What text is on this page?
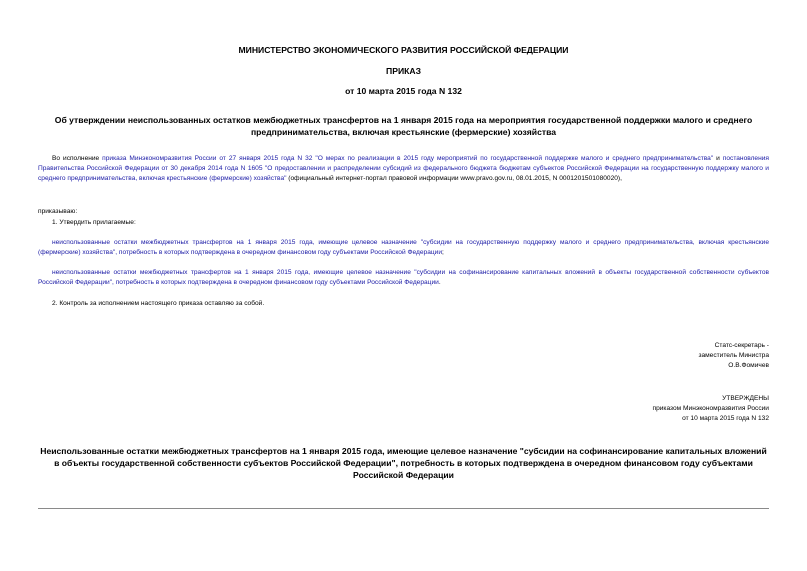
МИНИСТЕРСТВО ЭКОНОМИЧЕСКОГО РАЗВИТИЯ РОССИЙСКОЙ ФЕДЕРАЦИИ
ПРИКАЗ
от 10 марта 2015 года N 132
Об утверждении неиспользованных остатков межбюджетных трансфертов на 1 января 2015 года на мероприятия государственной поддержки малого и среднего предпринимательства, включая крестьянские (фермерские) хозяйства
Во исполнение приказа Минэкономразвития России от 27 января 2015 года N 32 "О мерах по реализации в 2015 году мероприятий по государственной поддержке малого и среднего предпринимательства" и постановления Правительства Российской Федерации от 30 декабря 2014 года N 1605 "О предоставлении и распределении субсидий из федерального бюджета бюджетам субъектов Российской Федерации на государственную поддержку малого и среднего предпринимательства, включая крестьянские (фермерские) хозяйства" (официальный интернет-портал правовой информации www.pravo.gov.ru, 08.01.2015, N 0001201501080020),
приказываю:
1. Утвердить прилагаемые:
неиспользованные остатки межбюджетных трансфертов на 1 января 2015 года, имеющие целевое назначение "субсидии на государственную поддержку малого и среднего предпринимательства, включая крестьянские (фермерские) хозяйства", потребность в которых подтверждена в очередном финансовом году субъектами Российской Федерации;
неиспользованные остатки межбюджетных трансфертов на 1 января 2015 года, имеющие целевое назначение "субсидии на софинансирование капитальных вложений в объекты государственной собственности субъектов Российской Федерации", потребность в которых подтверждена в очередном финансовом году субъектами Российской Федерации.
2. Контроль за исполнением настоящего приказа оставляю за собой.
Статс-секретарь -
заместитель Министра
О.В.Фомичев
УТВЕРЖДЕНЫ
приказом Минэкономразвития России
от 10 марта 2015 года N 132
Неиспользованные остатки межбюджетных трансфертов на 1 января 2015 года, имеющие целевое назначение "субсидии на софинансирование капитальных вложений в объекты государственной собственности субъектов Российской Федерации", потребность в которых подтверждена в очередном финансовом году субъектами Российской Федерации
